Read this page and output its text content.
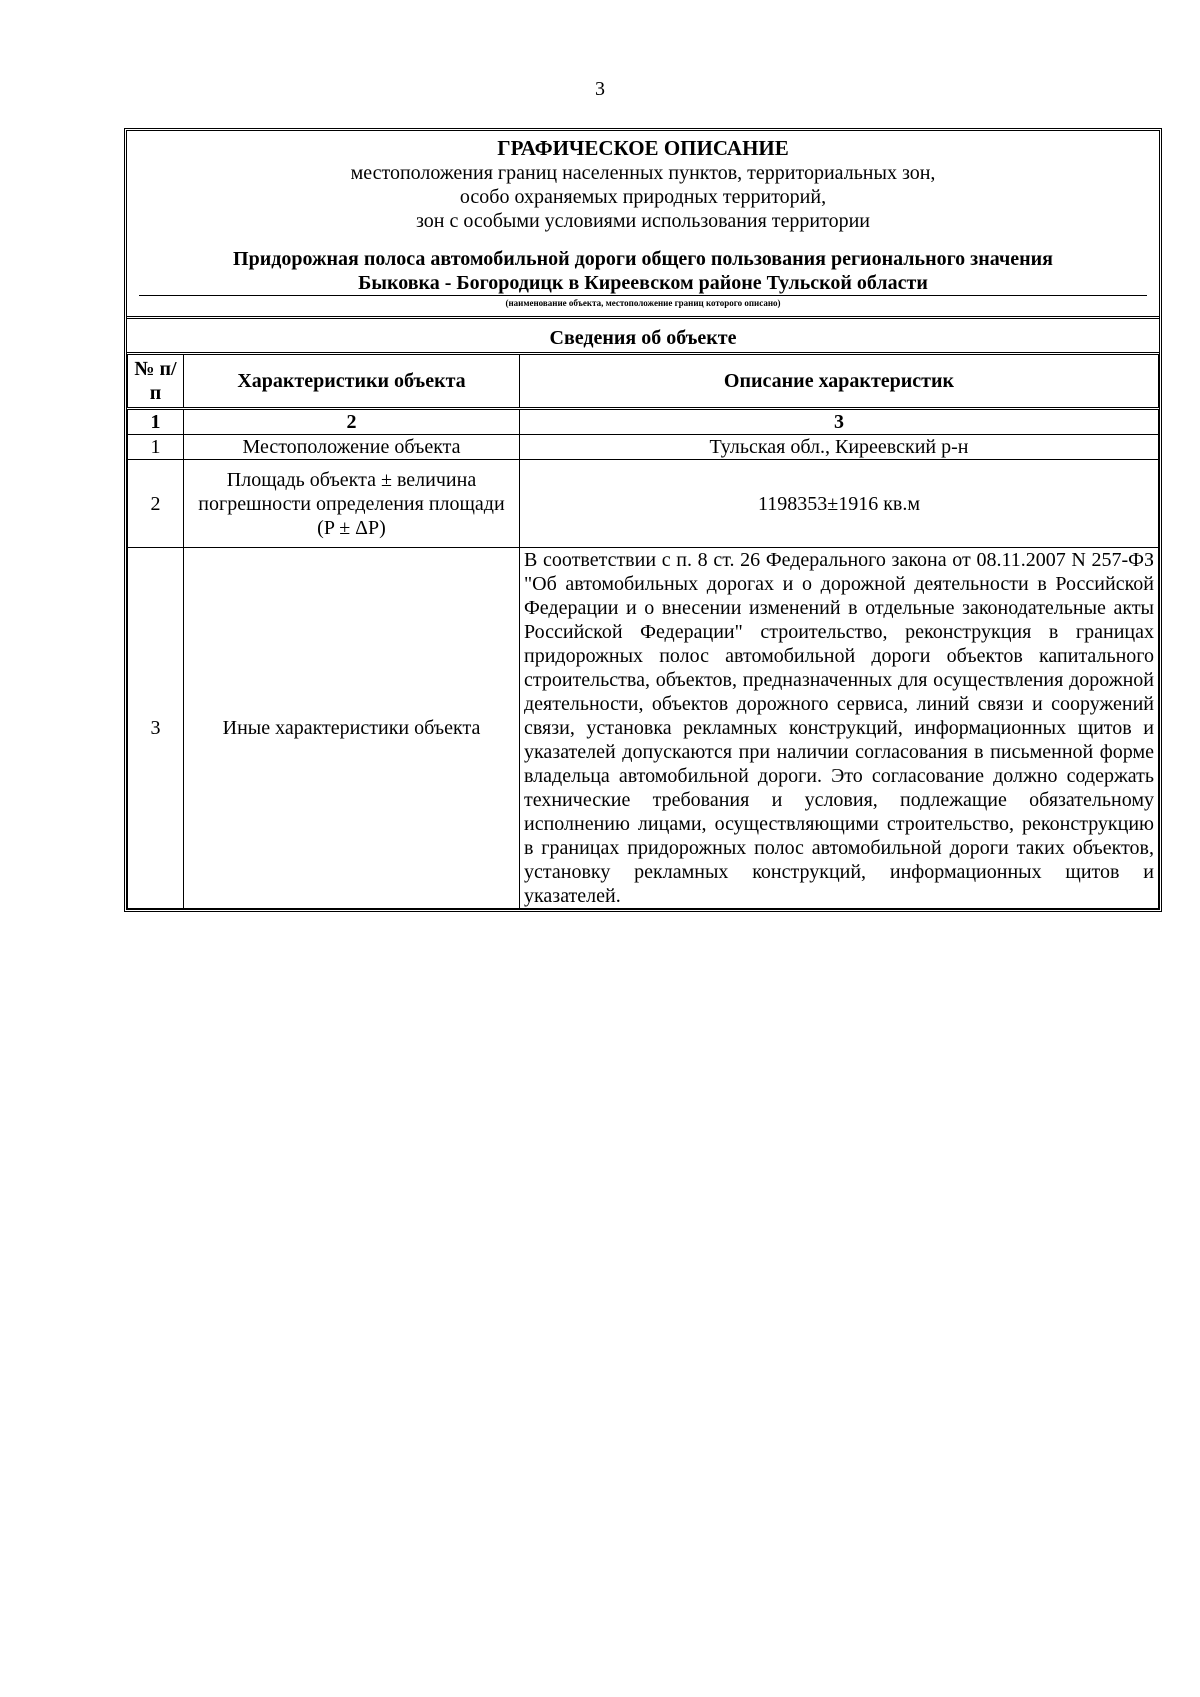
3
ГРАФИЧЕСКОЕ ОПИСАНИЕ
местоположения границ населенных пунктов, территориальных зон,
особо охраняемых природных территорий,
зон с особыми условиями использования территории
Придорожная полоса автомобильной дороги общего пользования регионального значения
Быковка - Богородицк в Киреевском районе Тульской области
(наименование объекта, местоположение границ которого описано)
Сведения об объекте
№ п/п	Характеристики объекта	Описание характеристик
1	2	3
1	Местоположение объекта	Тульская обл., Киреевский р-н
2	Площадь объекта ± величина погрешности определения площади (P ± ΔP)	1198353±1916 кв.м
3	Иные характеристики объекта	В соответствии с п. 8 ст. 26 Федерального закона от 08.11.2007 N 257-ФЗ "Об автомобильных дорогах и о дорожной деятельности в Российской Федерации и о внесении изменений в отдельные законодательные акты Российской Федерации" строительство, реконструкция в границах придорожных полос автомобильной дороги объектов капитального строительства, объектов, предназначенных для осуществления дорожной деятельности, объектов дорожного сервиса, линий связи и сооружений связи, установка рекламных конструкций, информационных щитов и указателей допускаются при наличии согласования в письменной форме владельца автомобильной дороги. Это согласование должно содержать технические требования и условия, подлежащие обязательному исполнению лицами, осуществляющими строительство, реконструкцию в границах придорожных полос автомобильной дороги таких объектов, установку рекламных конструкций, информационных щитов и указателей.
